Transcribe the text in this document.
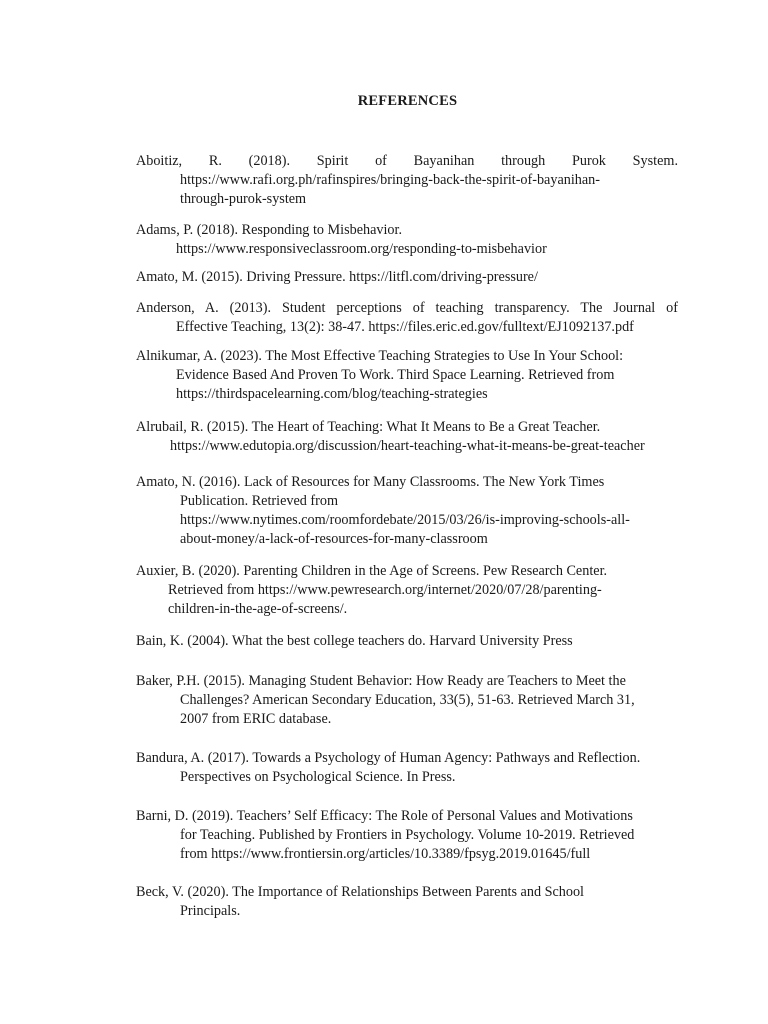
REFERENCES
Aboitiz, R. (2018). Spirit of Bayanihan through Purok System.
https://www.rafi.org.ph/rafinspires/bringing-back-the-spirit-of-bayanihan-
through-purok-system
Adams, P. (2018). Responding to Misbehavior.
https://www.responsiveclassroom.org/responding-to-misbehavior
Amato, M. (2015). Driving Pressure. https://litfl.com/driving-pressure/
Anderson, A. (2013). Student perceptions of teaching transparency. The Journal of
Effective Teaching, 13(2): 38-47. https://files.eric.ed.gov/fulltext/EJ1092137.pdf
Alnikumar, A. (2023). The Most Effective Teaching Strategies to Use In Your School:
Evidence Based And Proven To Work. Third Space Learning. Retrieved from
https://thirdspacelearning.com/blog/teaching-strategies
Alrubail, R. (2015). The Heart of Teaching: What It Means to Be a Great Teacher.
https://www.edutopia.org/discussion/heart-teaching-what-it-means-be-great-teacher
Amato, N. (2016). Lack of Resources for Many Classrooms. The New York Times
Publication. Retrieved from
https://www.nytimes.com/roomfordebate/2015/03/26/is-improving-schools-all-
about-money/a-lack-of-resources-for-many-classroom
Auxier, B. (2020). Parenting Children in the Age of Screens. Pew Research Center.
Retrieved from https://www.pewresearch.org/internet/2020/07/28/parenting-
children-in-the-age-of-screens/.
Bain, K. (2004). What the best college teachers do. Harvard University Press
Baker, P.H. (2015). Managing Student Behavior: How Ready are Teachers to Meet the
Challenges? American Secondary Education, 33(5), 51-63. Retrieved March 31,
2007 from ERIC database.
Bandura, A. (2017). Towards a Psychology of Human Agency: Pathways and Reflection.
Perspectives on Psychological Science. In Press.
Barni, D. (2019). Teachers’ Self Efficacy: The Role of Personal Values and Motivations
for Teaching. Published by Frontiers in Psychology. Volume 10-2019. Retrieved
from https://www.frontiersin.org/articles/10.3389/fpsyg.2019.01645/full
Beck, V. (2020). The Importance of Relationships Between Parents and School
Principals.
